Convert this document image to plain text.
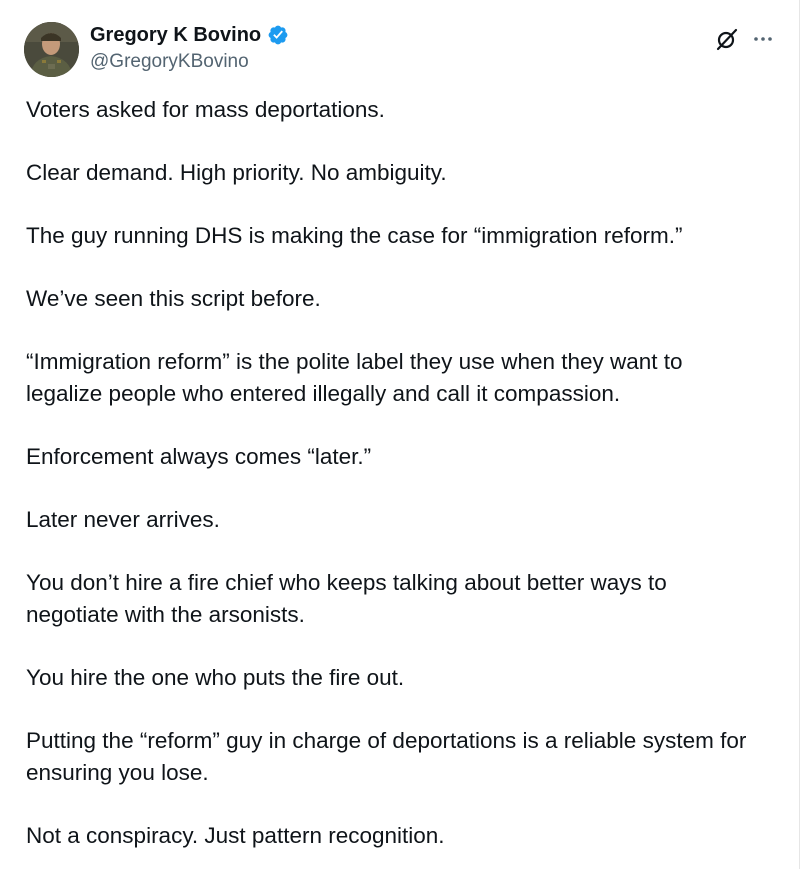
Gregory K Bovino
@GregoryKBovino

Voters asked for mass deportations.

Clear demand. High priority. No ambiguity.

The guy running DHS is making the case for “immigration reform.”

We’ve seen this script before.

“Immigration reform” is the polite label they use when they want to
legalize people who entered illegally and call it compassion.

Enforcement always comes “later.”

Later never arrives.

You don’t hire a fire chief who keeps talking about better ways to
negotiate with the arsonists.

You hire the one who puts the fire out.

Putting the “reform” guy in charge of deportations is a reliable system for
ensuring you lose.

Not a conspiracy. Just pattern recognition.
